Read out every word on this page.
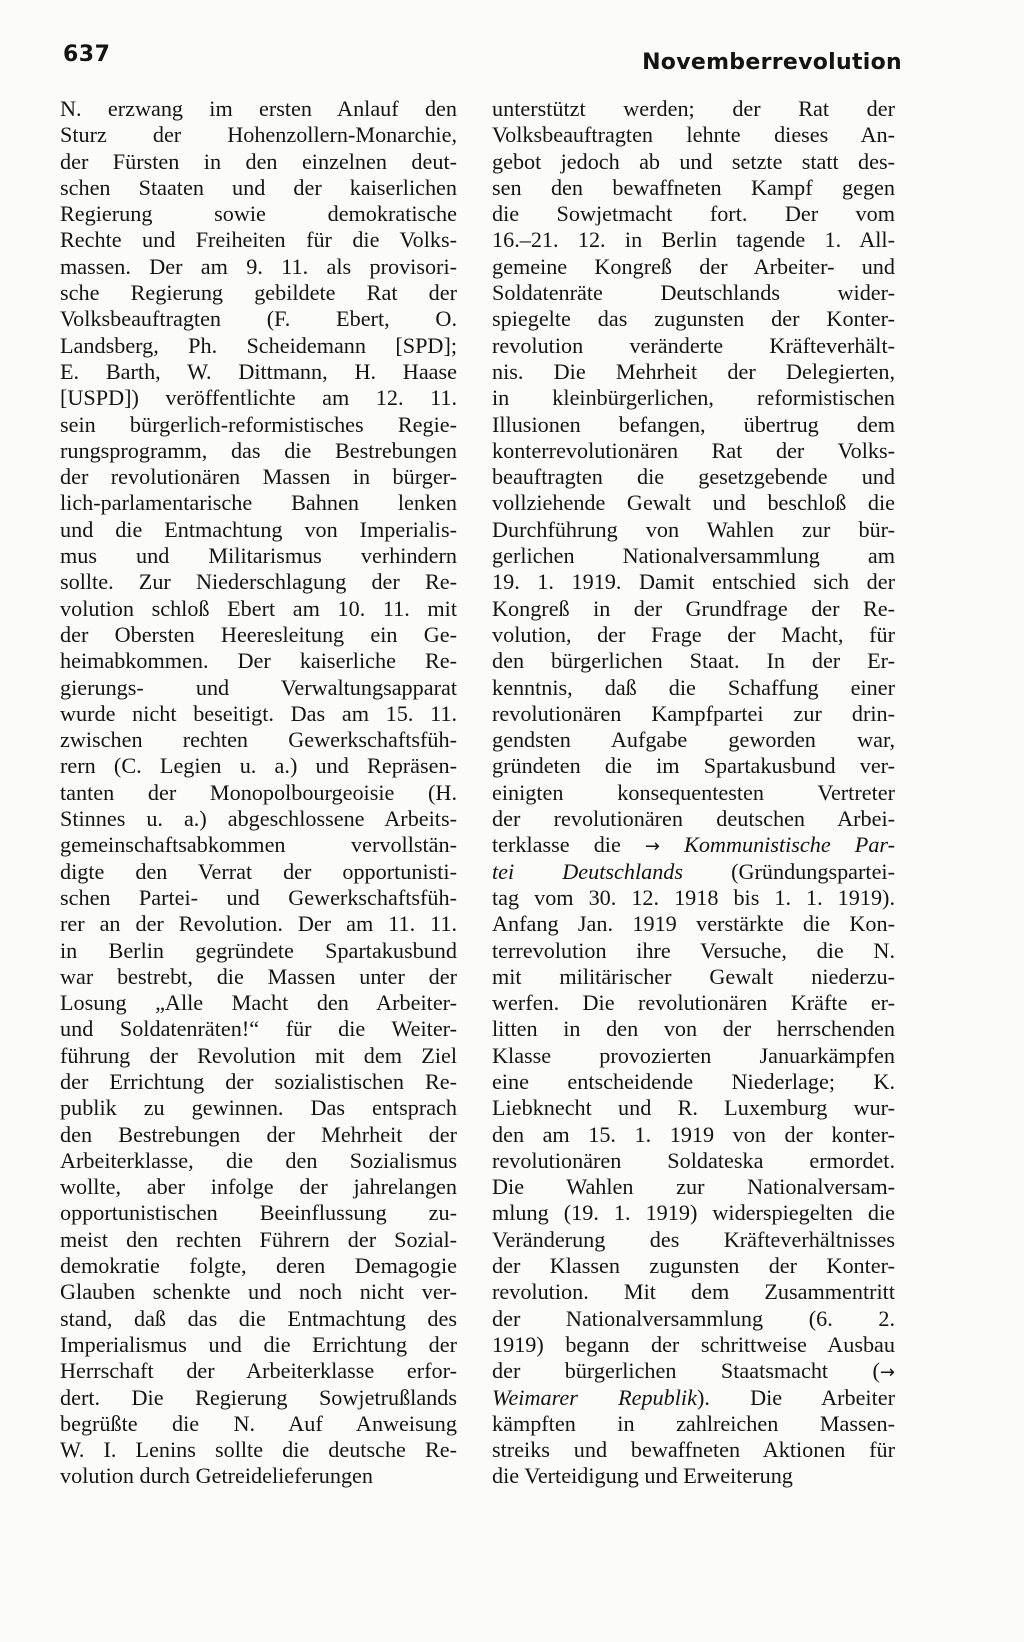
637	Novemberrevolution
N. erzwang im ersten Anlauf den
Sturz der Hohenzollern-Monarchie,
der Fürsten in den einzelnen deut-
schen Staaten und der kaiserlichen
Regierung sowie demokratische
Rechte und Freiheiten für die Volks-
massen. Der am 9. 11. als provisori-
sche Regierung gebildete Rat der
Volksbeauftragten (F. Ebert, O.
Landsberg, Ph. Scheidemann [SPD];
E. Barth, W. Dittmann, H. Haase
[USPD]) veröffentlichte am 12. 11.
sein bürgerlich-reformistisches Regie-
rungsprogramm, das die Bestrebungen
der revolutionären Massen in bürger-
lich-parlamentarische Bahnen lenken
und die Entmachtung von Imperialis-
mus und Militarismus verhindern
sollte. Zur Niederschlagung der Re-
volution schloß Ebert am 10. 11. mit
der Obersten Heeresleitung ein Ge-
heimabkommen. Der kaiserliche Re-
gierungs- und Verwaltungsapparat
wurde nicht beseitigt. Das am 15. 11.
zwischen rechten Gewerkschaftsfüh-
rern (C. Legien u. a.) und Repräsen-
tanten der Monopolbourgeoisie (H.
Stinnes u. a.) abgeschlossene Arbeits-
gemeinschaftsabkommen vervollstän-
digte den Verrat der opportunisti-
schen Partei- und Gewerkschaftsfüh-
rer an der Revolution. Der am 11. 11.
in Berlin gegründete Spartakusbund
war bestrebt, die Massen unter der
Losung „Alle Macht den Arbeiter-
und Soldatenräten!“ für die Weiter-
führung der Revolution mit dem Ziel
der Errichtung der sozialistischen Re-
publik zu gewinnen. Das entsprach
den Bestrebungen der Mehrheit der
Arbeiterklasse, die den Sozialismus
wollte, aber infolge der jahrelangen
opportunistischen Beeinflussung zu-
meist den rechten Führern der Sozial-
demokratie folgte, deren Demagogie
Glauben schenkte und noch nicht ver-
stand, daß das die Entmachtung des
Imperialismus und die Errichtung der
Herrschaft der Arbeiterklasse erfor-
dert. Die Regierung Sowjetrußlands
begrüßte die N. Auf Anweisung
W. I. Lenins sollte die deutsche Re-
volution durch Getreidelieferungen
unterstützt werden; der Rat der
Volksbeauftragten lehnte dieses An-
gebot jedoch ab und setzte statt des-
sen den bewaffneten Kampf gegen
die Sowjetmacht fort. Der vom
16.–21. 12. in Berlin tagende 1. All-
gemeine Kongreß der Arbeiter- und
Soldatenräte Deutschlands wider-
spiegelte das zugunsten der Konter-
revolution veränderte Kräfteverhält-
nis. Die Mehrheit der Delegierten,
in kleinbürgerlichen, reformistischen
Illusionen befangen, übertrug dem
konterrevolutionären Rat der Volks-
beauftragten die gesetzgebende und
vollziehende Gewalt und beschloß die
Durchführung von Wahlen zur bür-
gerlichen Nationalversammlung am
19. 1. 1919. Damit entschied sich der
Kongreß in der Grundfrage der Re-
volution, der Frage der Macht, für
den bürgerlichen Staat. In der Er-
kenntnis, daß die Schaffung einer
revolutionären Kampfpartei zur drin-
gendsten Aufgabe geworden war,
gründeten die im Spartakusbund ver-
einigten konsequentesten Vertreter
der revolutionären deutschen Arbei-
terklasse die → Kommunistische Par-
tei Deutschlands (Gründungspartei-
tag vom 30. 12. 1918 bis 1. 1. 1919).
Anfang Jan. 1919 verstärkte die Kon-
terrevolution ihre Versuche, die N.
mit militärischer Gewalt niederzu-
werfen. Die revolutionären Kräfte er-
litten in den von der herrschenden
Klasse provozierten Januarkämpfen
eine entscheidende Niederlage; K.
Liebknecht und R. Luxemburg wur-
den am 15. 1. 1919 von der konter-
revolutionären Soldateska ermordet.
Die Wahlen zur Nationalversam-
mlung (19. 1. 1919) widerspiegelten die
Veränderung des Kräfteverhältnisses
der Klassen zugunsten der Konter-
revolution. Mit dem Zusammentritt
der Nationalversammlung (6. 2.
1919) begann der schrittweise Ausbau
der bürgerlichen Staatsmacht (→
Weimarer Republik). Die Arbeiter
kämpften in zahlreichen Massen-
streiks und bewaffneten Aktionen für
die Verteidigung und Erweiterung
